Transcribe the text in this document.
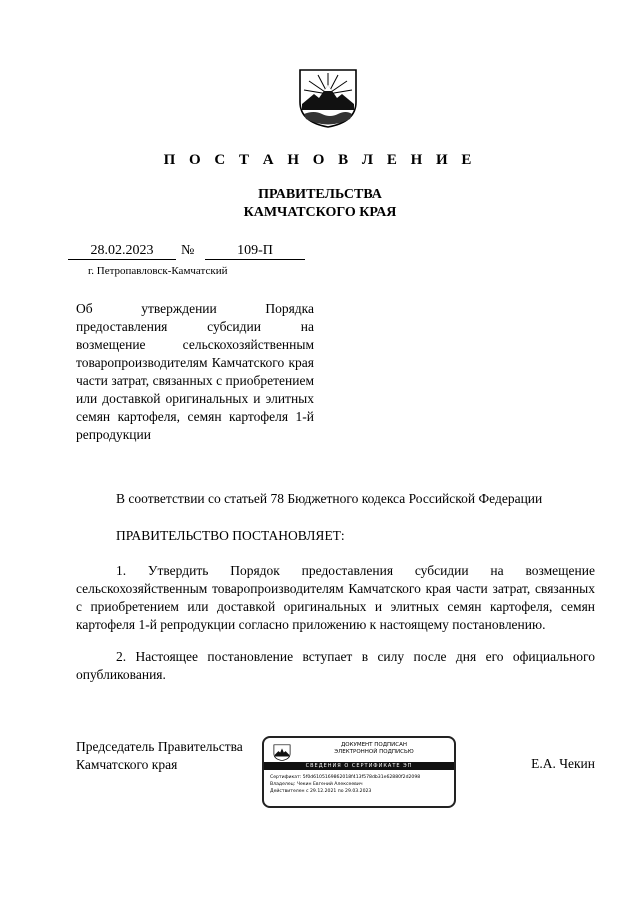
П О С Т А Н О В Л Е Н И Е
ПРАВИТЕЛЬСТВА
КАМЧАТСКОГО КРАЯ
28.02.2023	№	109-П
г. Петропавловск-Камчатский
Об утверждении Порядка предоставления субсидии на возмещение сельскохозяйственным товаропроизводителям Камчатского края части затрат, связанных с приобретением или доставкой оригинальных и элитных семян картофеля, семян картофеля 1-й репродукции
В соответствии со статьей 78 Бюджетного кодекса Российской Федерации
ПРАВИТЕЛЬСТВО ПОСТАНОВЛЯЕТ:
1. Утвердить Порядок предоставления субсидии на возмещение сельскохозяйственным товаропроизводителям Камчатского края части затрат, связанных с приобретением или доставкой оригинальных и элитных семян картофеля, семян картофеля 1-й репродукции согласно приложению к настоящему постановлению.
2. Настоящее постановление вступает в силу после дня его официального опубликования.
Председатель Правительства
Камчатского края	Е.А. Чекин
ДОКУМЕНТ ПОДПИСАН
ЭЛЕКТРОННОЙ ПОДПИСЬЮ
СВЕДЕНИЯ О СЕРТИФИКАТЕ ЭП
Сертификат: 5f0d6105169862018f413f578db31e62880f2d2098
Владелец: Чекин Евгений Алексеевич
Действителен с 29.12.2021 по 29.03.2023
